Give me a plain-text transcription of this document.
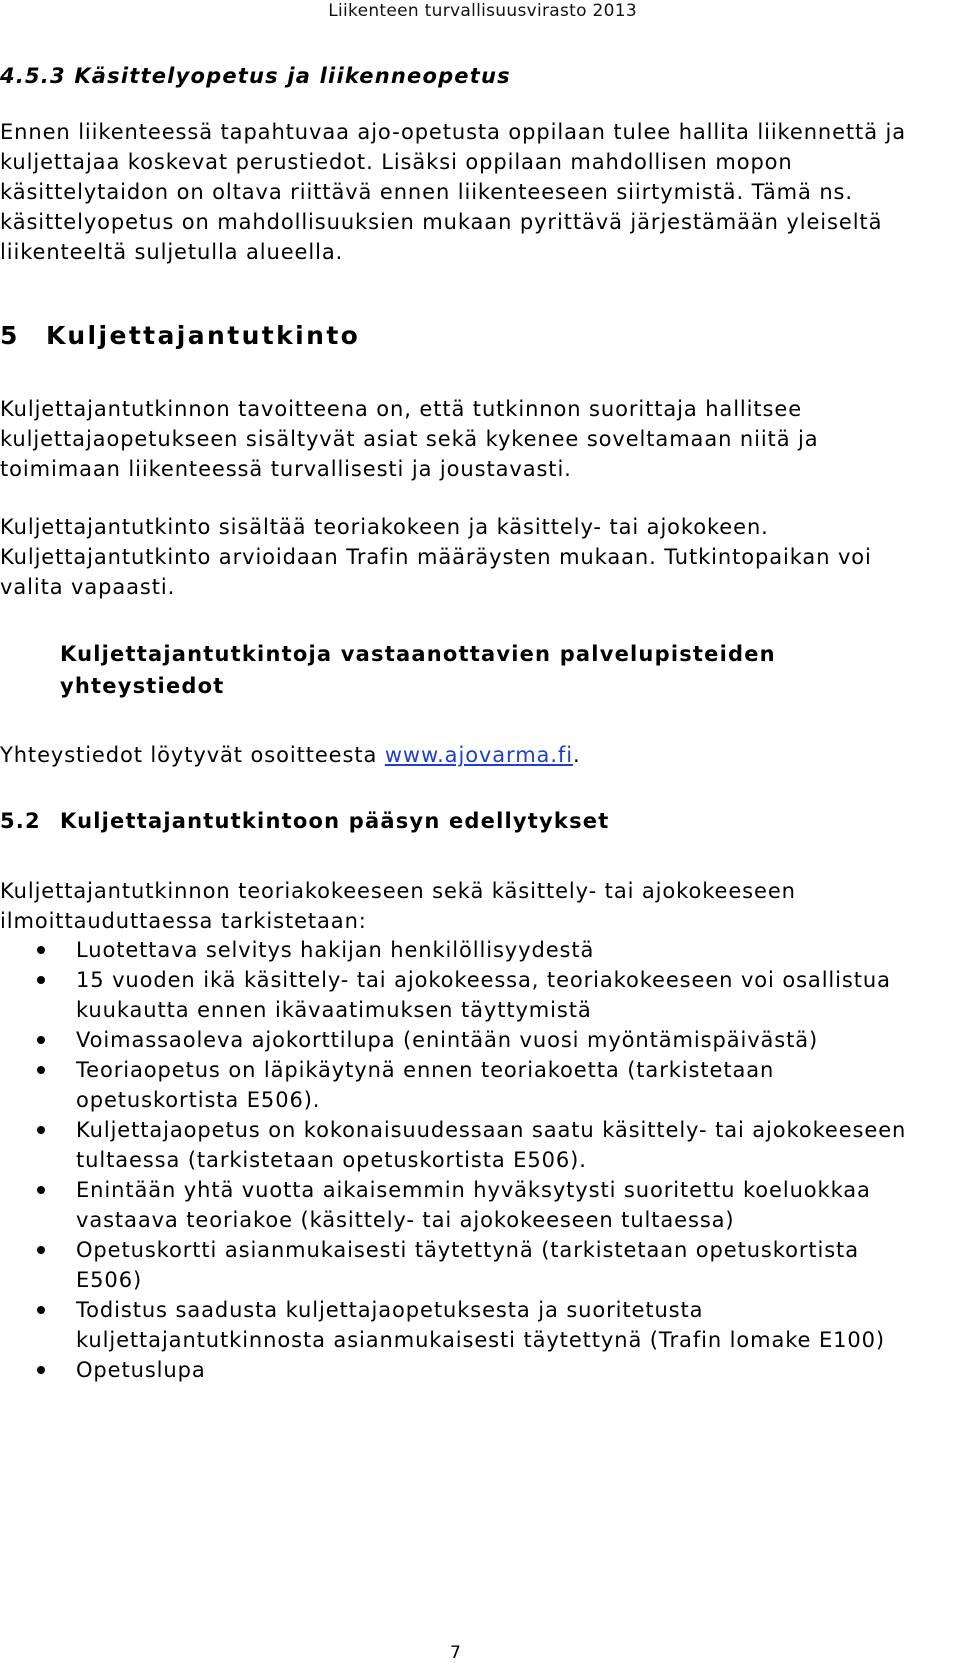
Liikenteen turvallisuusvirasto 2013
4.5.3 Käsittelyopetus ja liikenneopetus

Ennen liikenteessä tapahtuvaa ajo-opetusta oppilaan tulee hallita liikennettä ja kuljettajaa koskevat perustiedot. Lisäksi oppilaan mahdollisen mopon käsittelytaidon on oltava riittävä ennen liikenteeseen siirtymistä. Tämä ns. käsittelyopetus on mahdollisuuksien mukaan pyrittävä järjestämään yleiseltä liikenteeltä suljetulla alueella.

5 Kuljettajantutkinto

Kuljettajantutkinnon tavoitteena on, että tutkinnon suorittaja hallitsee kuljettajaopetukseen sisältyvät asiat sekä kykenee soveltamaan niitä ja toimimaan liikenteessä turvallisesti ja joustavasti.

Kuljettajantutkinto sisältää teoriakokeen ja käsittely- tai ajokokeen. Kuljettajantutkinto arvioidaan Trafin määräysten mukaan. Tutkintopaikan voi valita vapaasti.

Kuljettajantutkintoja vastaanottavien palvelupisteiden yhteystiedot

Yhteystiedot löytyvät osoitteesta www.ajovarma.fi.

5.2 Kuljettajantutkintoon pääsyn edellytykset

Kuljettajantutkinnon teoriakokeeseen sekä käsittely- tai ajokokeeseen ilmoittauduttaessa tarkistetaan:

Luotettava selvitys hakijan henkilöllisyydestä
15 vuoden ikä käsittely- tai ajokokeessa, teoriakokeeseen voi osallistua kuukautta ennen ikävaatimuksen täyttymistä
Voimassaoleva ajokorttilupa (enintään vuosi myöntämispäivästä)
Teoriaopetus on läpikäytynä ennen teoriakoetta (tarkistetaan opetuskortista E506).
Kuljettajaopetus on kokonaisuudessaan saatu käsittely- tai ajokokeeseen tultaessa (tarkistetaan opetuskortista E506).
Enintään yhtä vuotta aikaisemmin hyväksytysti suoritettu koeluokkaa vastaava teoriakoe (käsittely- tai ajokokeeseen tultaessa)
Opetuskortti asianmukaisesti täytettynä (tarkistetaan opetuskortista E506)
Todistus saadusta kuljettajaopetuksesta ja suoritetusta kuljettajantutkinnosta asianmukaisesti täytettynä (Trafin lomake E100)
Opetuslupa
7
